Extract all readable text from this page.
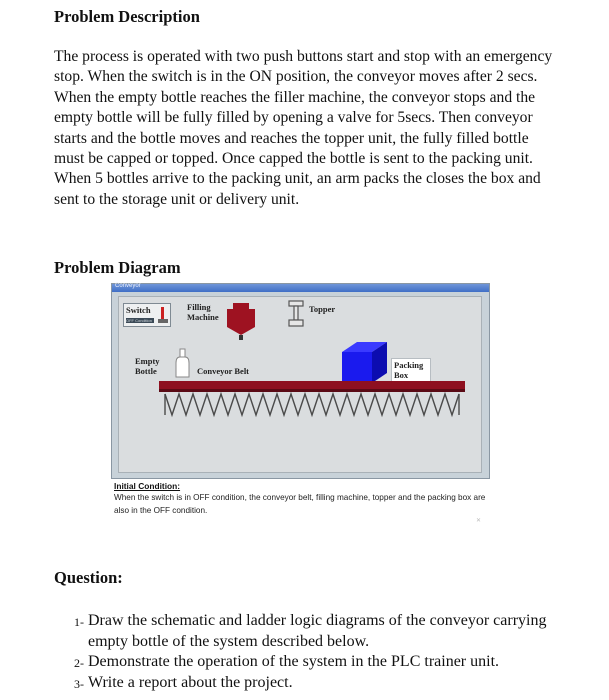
Problem Description

The process is operated with two push buttons start and stop with an emergency stop. When the switch is in the ON position, the conveyor moves after 2 secs. When the empty bottle reaches the filler machine, the conveyor stops and the empty bottle will be fully filled by opening a valve for 5secs. Then conveyor starts and the bottle moves and reaches the topper unit, the fully filled bottle must be capped or topped. Once capped the bottle is sent to the packing unit. When 5 bottles arrive to the packing unit, an arm packs the closes the box and sent to the storage unit or delivery unit.

Problem Diagram
Conveyor
Switch
OFF Condition
Filling
Machine
Topper
Empty
Bottle	Conveyor Belt
Packing
Box
Initial Condition:

When the switch is in OFF condition, the conveyor belt, filling machine, topper and the packing box are also in the OFF condition.

✕
Question:
1- Draw the schematic and ladder logic diagrams of the conveyor carrying empty bottle of the system described below.
2- Demonstrate the operation of the system in the PLC trainer unit.
3- Write a report about the project.
